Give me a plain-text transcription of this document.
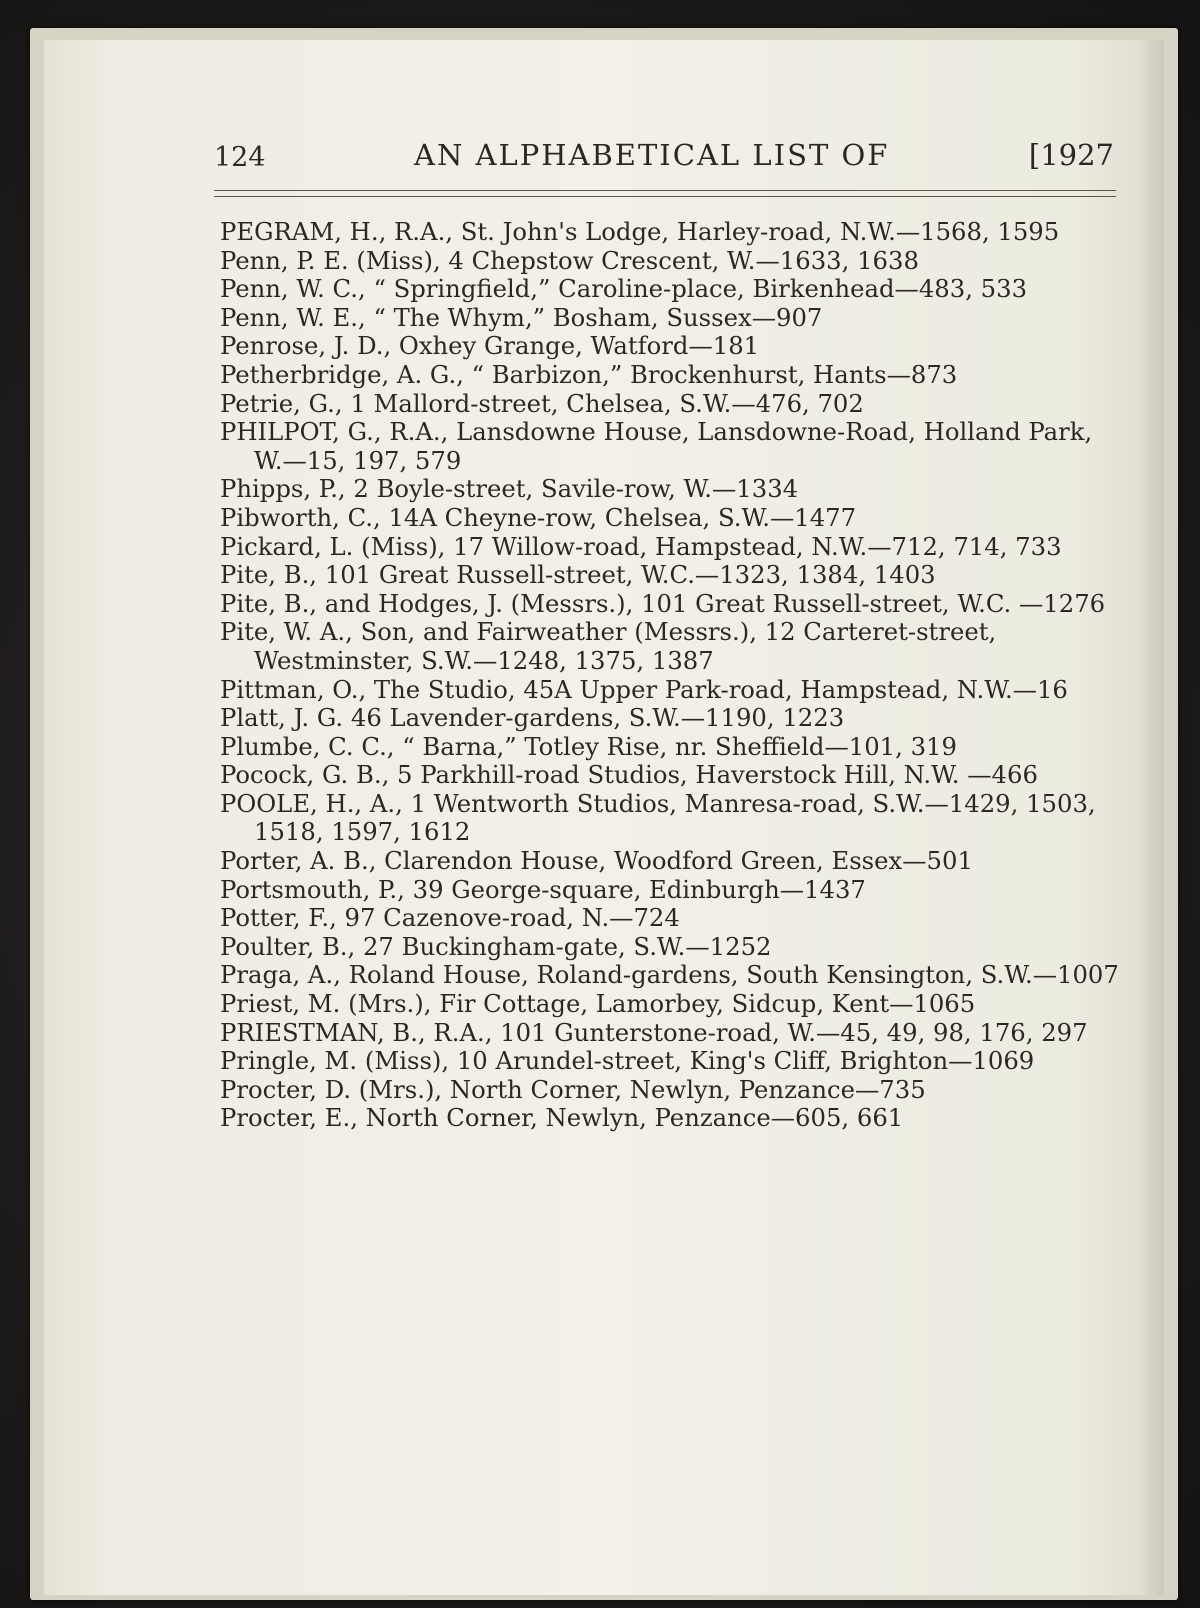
124	AN ALPHABETICAL LIST OF	[1927

PEGRAM, H., R.A., St. John's Lodge, Harley-road, N.W.—1568, 1595

Penn, P. E. (Miss), 4 Chepstow Crescent, W.—1633, 1638

Penn, W. C., “ Springfield,” Caroline-place, Birkenhead—483, 533

Penn, W. E., “ The Whym,” Bosham, Sussex—907

Penrose, J. D., Oxhey Grange, Watford—181

Petherbridge, A. G., “ Barbizon,” Brockenhurst, Hants—873

Petrie, G., 1 Mallord-street, Chelsea, S.W.—476, 702

PHILPOT, G., R.A., Lansdowne House, Lansdowne-Road, Holland Park, W.—15, 197, 579

Phipps, P., 2 Boyle-street, Savile-row, W.—1334

Pibworth, C., 14A Cheyne-row, Chelsea, S.W.—1477

Pickard, L. (Miss), 17 Willow-road, Hampstead, N.W.—712, 714, 733

Pite, B., 101 Great Russell-street, W.C.—1323, 1384, 1403

Pite, B., and Hodges, J. (Messrs.), 101 Great Russell-street, W.C. —1276

Pite, W. A., Son, and Fairweather (Messrs.), 12 Carteret-street, Westminster, S.W.—1248, 1375, 1387

Pittman, O., The Studio, 45A Upper Park-road, Hampstead, N.W.—16

Platt, J. G. 46 Lavender-gardens, S.W.—1190, 1223

Plumbe, C. C., “ Barna,” Totley Rise, nr. Sheffield—101, 319

Pocock, G. B., 5 Parkhill-road Studios, Haverstock Hill, N.W. —466

POOLE, H., A., 1 Wentworth Studios, Manresa-road, S.W.—1429, 1503, 1518, 1597, 1612

Porter, A. B., Clarendon House, Woodford Green, Essex—501

Portsmouth, P., 39 George-square, Edinburgh—1437

Potter, F., 97 Cazenove-road, N.—724

Poulter, B., 27 Buckingham-gate, S.W.—1252

Praga, A., Roland House, Roland-gardens, South Kensington, S.W.—1007

Priest, M. (Mrs.), Fir Cottage, Lamorbey, Sidcup, Kent—1065

PRIESTMAN, B., R.A., 101 Gunterstone-road, W.—45, 49, 98, 176, 297

Pringle, M. (Miss), 10 Arundel-street, King's Cliff, Brighton—1069

Procter, D. (Mrs.), North Corner, Newlyn, Penzance—735

Procter, E., North Corner, Newlyn, Penzance—605, 661
